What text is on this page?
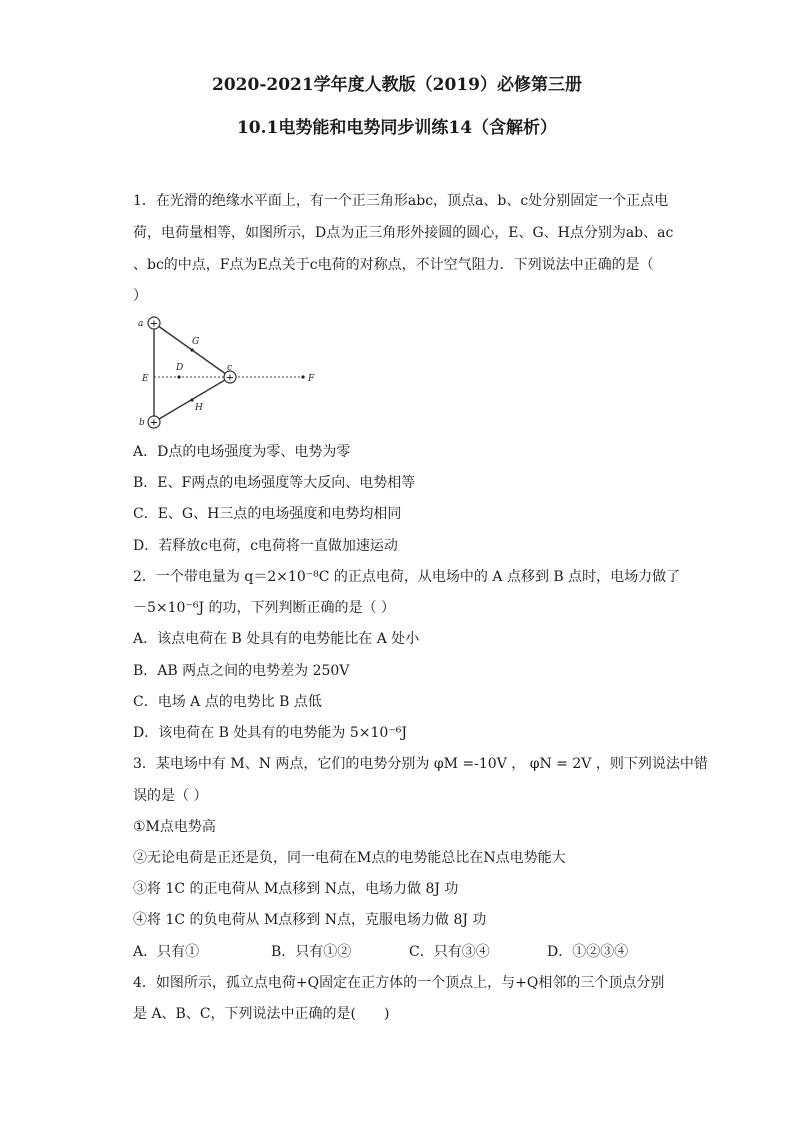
2020-2021学年度人教版（2019）必修第三册
10.1电势能和电势同步训练14（含解析）
1．在光滑的绝缘水平面上，有一个正三角形abc，顶点a、b、c处分别固定一个正点电
荷，电荷量相等，如图所示，D点为正三角形外接圆的圆心，E、G、H点分别为ab、ac
、bc的中点，F点为E点关于c电荷的对称点，不计空气阻力．下列说法中正确的是（
）
+
+
+
a
b
c
G
D
E
H
F
A．D点的电场强度为零、电势为零
B．E、F两点的电场强度等大反向、电势相等
C．E、G、H三点的电场强度和电势均相同
D．若释放c电荷，c电荷将一直做加速运动
2．一个带电量为 q＝2×10⁻⁸C 的正点电荷，从电场中的 A 点移到 B 点时，电场力做了
－5×10⁻⁶J 的功，下列判断正确的是（ ）
A．该点电荷在 B 处具有的电势能比在 A 处小
B．AB 两点之间的电势差为 250V
C．电场 A 点的电势比 B 点低
D．该电荷在 B 处具有的电势能为 5×10⁻⁶J
3．某电场中有 M、N 两点，它们的电势分别为 φM =-10V ， φN = 2V ，则下列说法中错
误的是（ ）
①M点电势高
②无论电荷是正还是负，同一电荷在M点的电势能总比在N点电势能大
③将 1C 的正电荷从 M点移到 N点，电场力做 8J 功
④将 1C 的负电荷从 M点移到 N点，克服电场力做 8J 功
A．只有①	B．只有①②	C．只有③④	D．①②③④
4．如图所示，孤立点电荷+Q固定在正方体的一个顶点上，与+Q相邻的三个顶点分别
是 A、B、C，下列说法中正确的是(　　)
